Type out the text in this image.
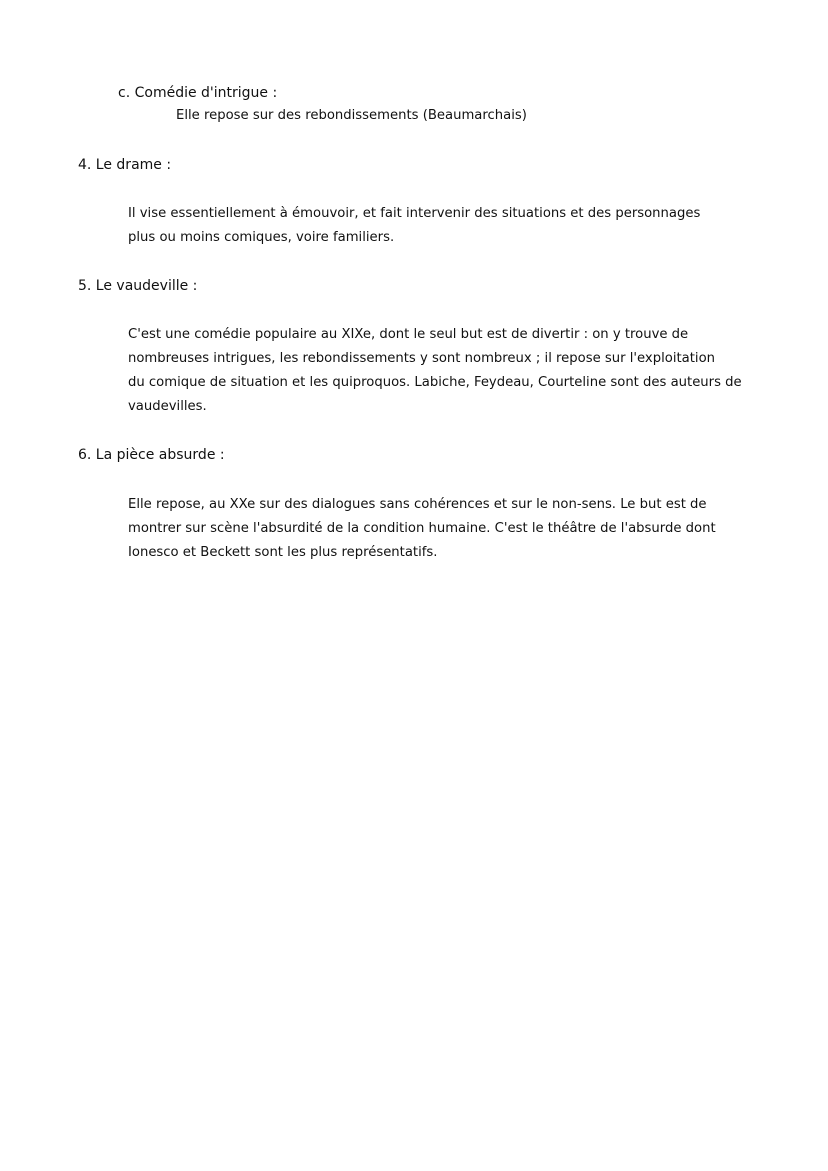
c. Comédie d'intrigue :
Elle repose sur des rebondissements (Beaumarchais)
4. Le drame :
Il vise essentiellement à émouvoir, et fait intervenir des situations et des personnages
plus ou moins comiques, voire familiers.
5. Le vaudeville :
C'est une comédie populaire au XIXe, dont le seul but est de divertir : on y trouve de
nombreuses intrigues, les rebondissements y sont nombreux ; il repose sur l'exploitation
du comique de situation et les quiproquos. Labiche, Feydeau, Courteline sont des auteurs de
vaudevilles.
6. La pièce absurde :
Elle repose, au XXe sur des dialogues sans cohérences et sur le non-sens. Le but est de
montrer sur scène l'absurdité de la condition humaine. C'est le théâtre de l'absurde dont
Ionesco et Beckett sont les plus représentatifs.
